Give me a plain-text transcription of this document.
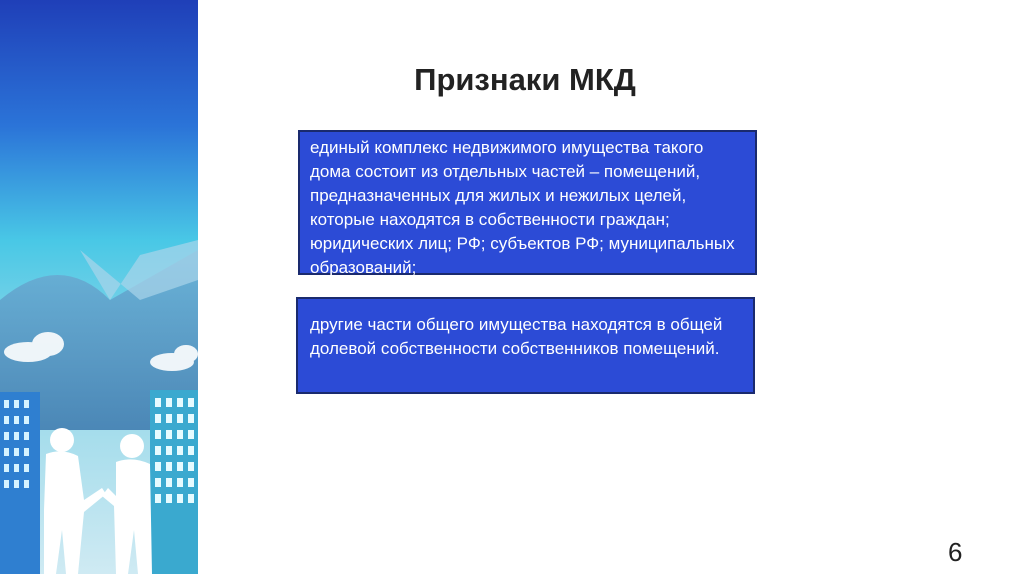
Признаки МКД
единый комплекс недвижимого имущества такого дома состоит из отдельных частей – помещений, предназначенных для жилых и нежилых целей, которые находятся в собственности граждан; юридических лиц; РФ; субъектов РФ; муниципальных образований;
другие части общего имущества находятся в общей долевой собственности собственников помещений.
6
